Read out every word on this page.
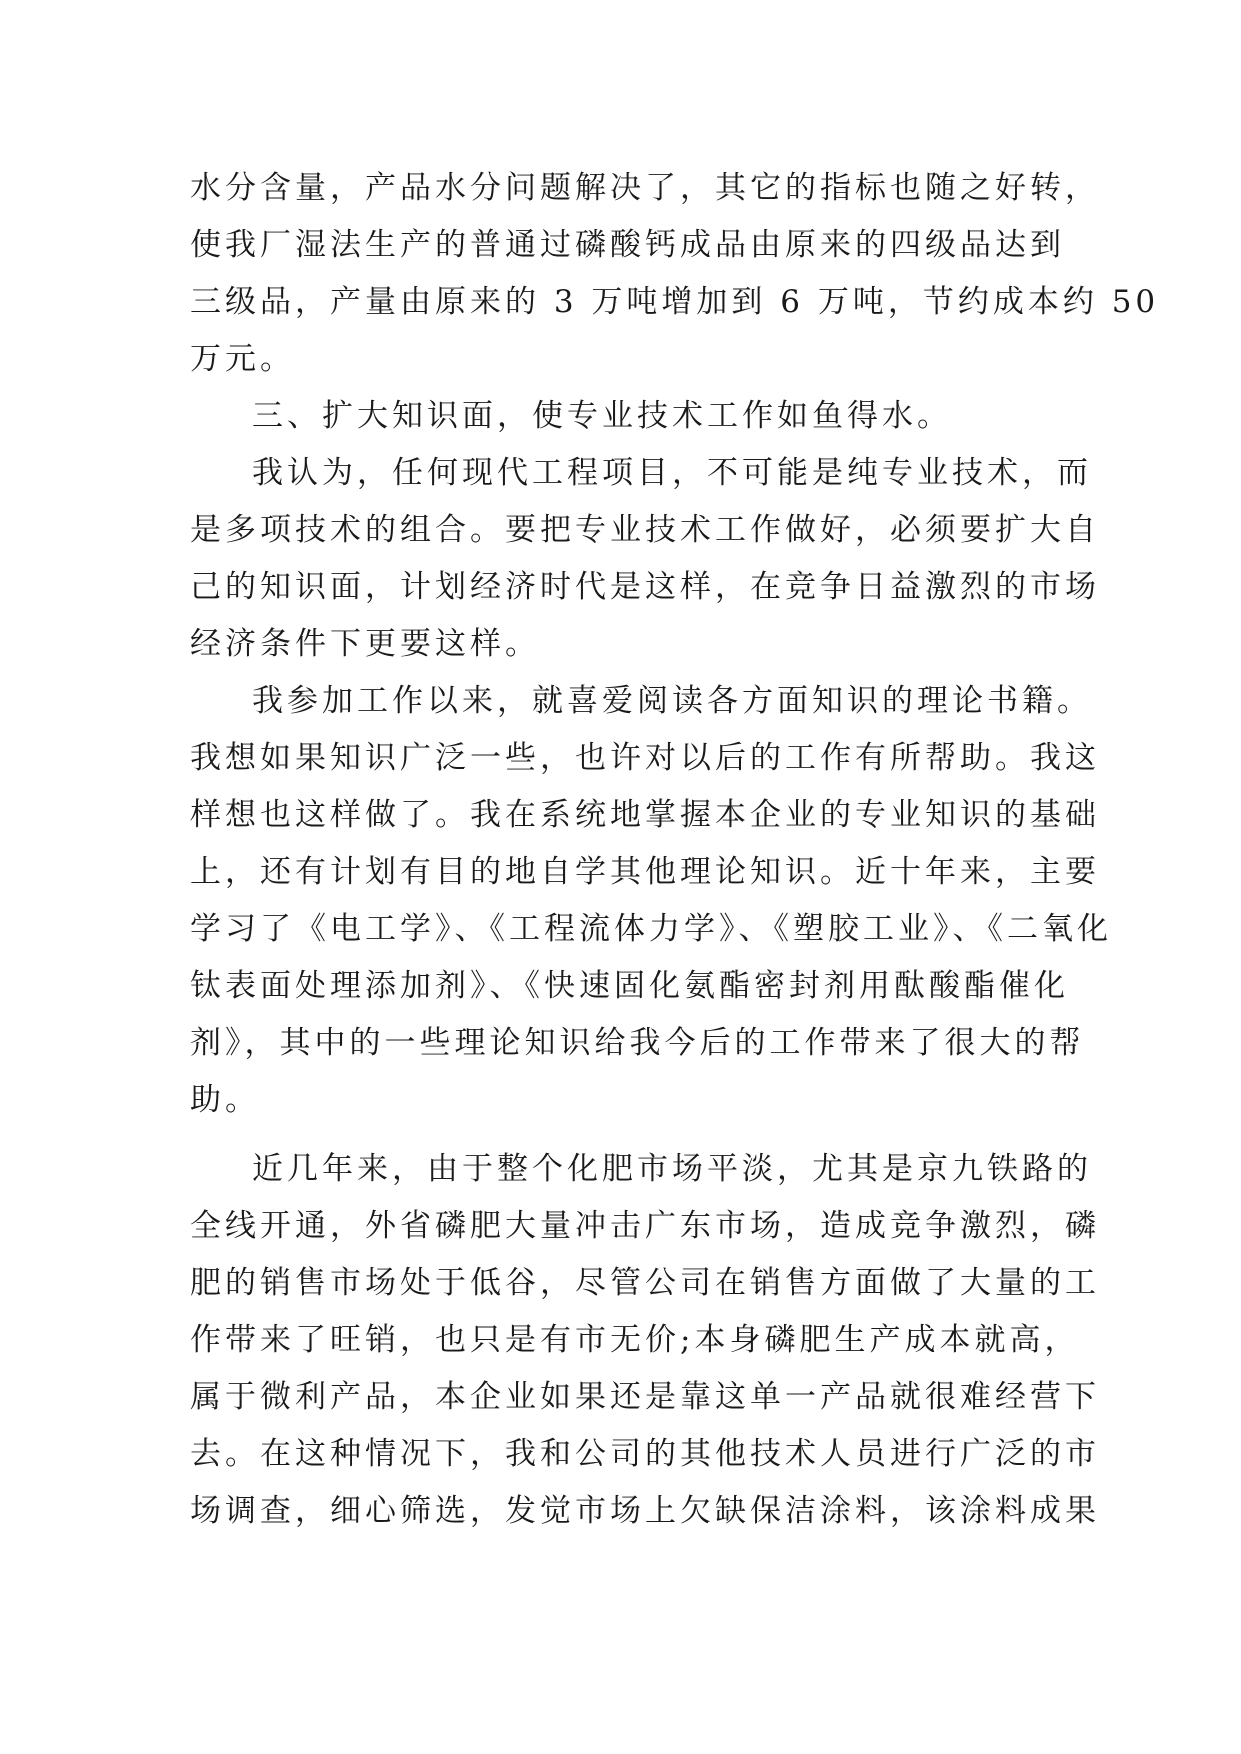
水分含量，产品水分问题解决了，其它的指标也随之好转，
使我厂湿法生产的普通过磷酸钙成品由原来的四级品达到
三级品，产量由原来的 3 万吨增加到 6 万吨，节约成本约 50
万元。
三、扩大知识面，使专业技术工作如鱼得水。
我认为，任何现代工程项目，不可能是纯专业技术，而
是多项技术的组合。要把专业技术工作做好，必须要扩大自
己的知识面，计划经济时代是这样，在竞争日益激烈的市场
经济条件下更要这样。
我参加工作以来，就喜爱阅读各方面知识的理论书籍。
我想如果知识广泛一些，也许对以后的工作有所帮助。我这
样想也这样做了。我在系统地掌握本企业的专业知识的基础
上，还有计划有目的地自学其他理论知识。近十年来，主要
学习了《电工学》、《工程流体力学》、《塑胶工业》、《二氧化
钛表面处理添加剂》、《快速固化氨酯密封剂用酞酸酯催化
剂》，其中的一些理论知识给我今后的工作带来了很大的帮
助。
近几年来，由于整个化肥市场平淡，尤其是京九铁路的
全线开通，外省磷肥大量冲击广东市场，造成竞争激烈，磷
肥的销售市场处于低谷，尽管公司在销售方面做了大量的工
作带来了旺销，也只是有市无价;本身磷肥生产成本就高，
属于微利产品，本企业如果还是靠这单一产品就很难经营下
去。在这种情况下，我和公司的其他技术人员进行广泛的市
场调查，细心筛选，发觉市场上欠缺保洁涂料，该涂料成果
